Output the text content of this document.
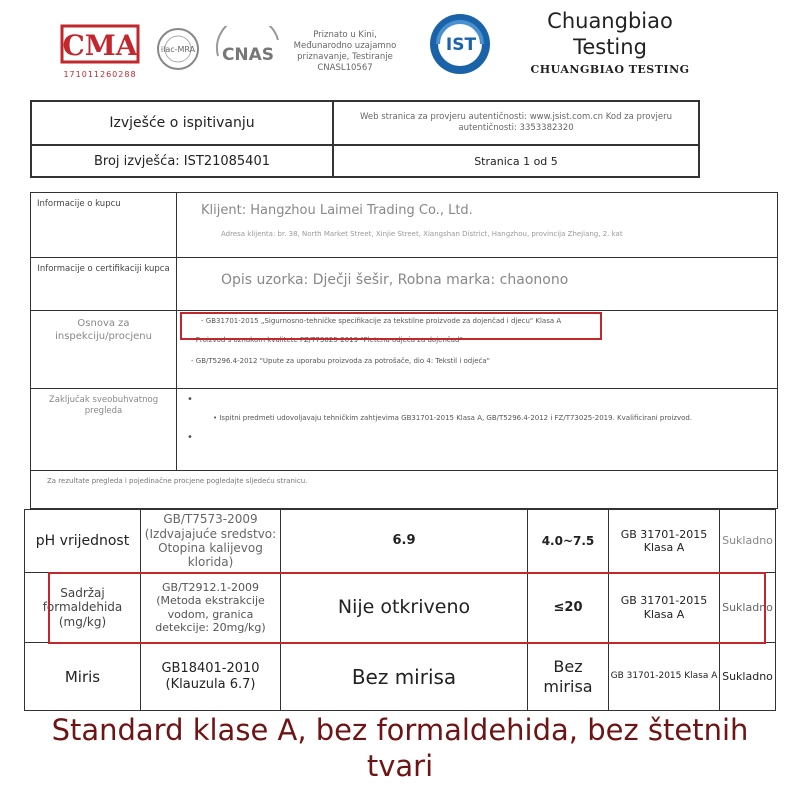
CMA
171011260288
ilac-MRA CNAS
Priznato u Kini, Međunarodno uzajamno priznavanje, Testiranje CNASL10567
IST
Chuangbiao Testing
CHUANGBIAO TESTING
Izvješće o ispitivanju	Web stranica za provjeru autentičnosti: www.jsist.com.cn Kod za provjeru autentičnosti: 3353382320
Broj izvješća: IST21085401	Stranica 1 od 5
Informacije o kupcu	Klijent: Hangzhou Laimei Trading Co., Ltd.
Adresa klijenta: br. 38, North Market Street, Xinjie Street, Xiangshan District, Hangzhou, provincija Zhejiang, 2. kat

Informacije o certifikaciji kupca	Opis uzorka: Dječji šešir, Robna marka: chaonono

Osnova za inspekciju/procjenu	- GB31701-2015 „Sigurnosno-tehničke specifikacije za tekstilne proizvode za dojenčad i djecu" Klasa A
- Proizvod s oznakom kvalitete FZ/T73025-2019 "Pletena odjeća za dojenčad"
- GB/T5296.4-2012 "Upute za uporabu proizvoda za potrošače, dio 4: Tekstil i odjeća"

Zaključak sveobuhvatnog pregleda	•
• Ispitni predmeti udovoljavaju tehničkim zahtjevima GB31701-2015 Klasa A, GB/T5296.4-2012 i FZ/T73025-2019. Kvalificirani proizvod.
•

Za rezultate pregleda i pojedinačne procjene pogledajte sljedeću stranicu.	
pH vrijednost	GB/T7573-2009 (Izdvajajuće sredstvo: Otopina kalijevog klorida)	6.9	4.0~7.5	GB 31701-2015 Klasa A	Sukladno
Sadržaj formaldehida (mg/kg)	GB/T2912.1-2009 (Metoda ekstrakcije vodom, granica detekcije: 20mg/kg)	Nije otkriveno	≤20	GB 31701-2015 Klasa A	Sukladno
Miris	GB18401-2010 (Klauzula 6.7)	Bez mirisa	Bez mirisa	GB 31701-2015 Klasa A	Sukladno
Standard klase A, bez formaldehida, bez štetnih tvari
